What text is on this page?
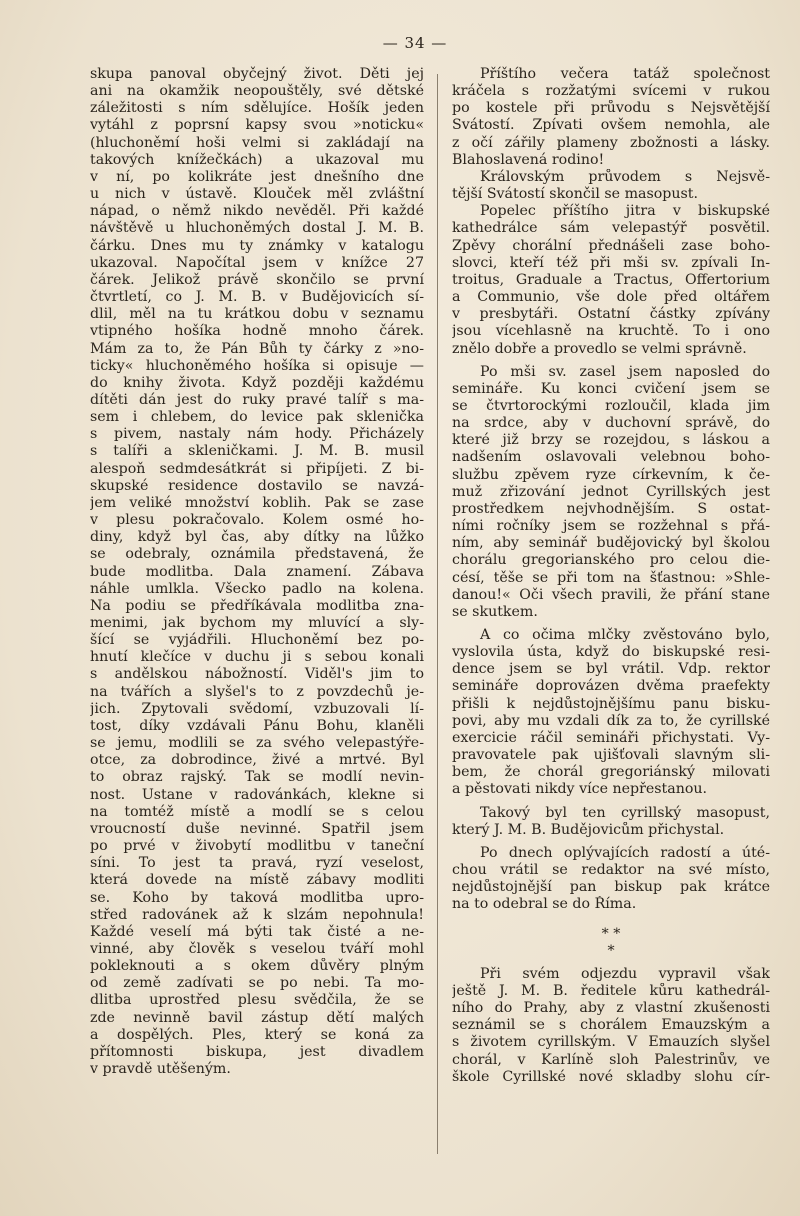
— 34 —
skupa panoval obyčejný život. Děti jej
ani na okamžik neopouštěly, své dětské
záležitosti s ním sdělujíce. Hošík jeden
vytáhl z poprsní kapsy svou »noticku«
(hluchoněmí hoši velmi si zakládají na
takových knížečkách) a ukazoval mu
v ní, po kolikráte jest dnešního dne
u nich v ústavě. Klouček měl zvláštní
nápad, o němž nikdo nevěděl. Při každé
návštěvě u hluchoněmých dostal J. M. B.
čárku. Dnes mu ty známky v katalogu
ukazoval. Napočítal jsem v knížce 27
čárek. Jelikož právě skončilo se první
čtvrtletí, co J. M. B. v Budějovicích sí-
dlil, měl na tu krátkou dobu v seznamu
vtipného hošíka hodně mnoho čárek.
Mám za to, že Pán Bůh ty čárky z »no-
ticky« hluchoněmého hošíka si opisuje —
do knihy života. Když později každému
dítěti dán jest do ruky pravé talíř s ma-
sem i chlebem, do levice pak sklenička
s pivem, nastaly nám hody. Přicházely
s talíři a skleničkami. J. M. B. musil
alespoň sedmdesátkrát si připíjeti. Z bi-
skupské residence dostavilo se navzá-
jem veliké množství koblih. Pak se zase
v plesu pokračovalo. Kolem osmé ho-
diny, když byl čas, aby dítky na lůžko
se odebraly, oznámila představená, že
bude modlitba. Dala znamení. Zábava
náhle umlkla. Všecko padlo na kolena.
Na podiu se předříkávala modlitba zna-
menimi, jak bychom my mluvící a sly-
šící se vyjádřili. Hluchoněmí bez po-
hnutí klečíce v duchu ji s sebou konali
s andělskou nábožností. Viděl's jim to
na tvářích a slyšel's to z povzdechů je-
jich. Zpytovali svědomí, vzbuzovali lí-
tost, díky vzdávali Pánu Bohu, klaněli
se jemu, modlili se za svého velepastýře-
otce, za dobrodince, živé a mrtvé. Byl
to obraz rajský. Tak se modlí nevin-
nost. Ustane v radovánkách, klekne si
na tomtéž místě a modlí se s celou
vroucností duše nevinné. Spatřil jsem
po prvé v živobytí modlitbu v taneční
síni. To jest ta pravá, ryzí veselost,
která dovede na místě zábavy modliti
se. Koho by taková modlitba upro-
střed radovánek až k slzám nepohnula!
Každé veselí má býti tak čisté a ne-
vinné, aby člověk s veselou tváří mohl
pokleknouti a s okem důvěry plným
od země zadívati se po nebi. Ta mo-
dlitba uprostřed plesu svědčila, že se
zde nevinně bavil zástup dětí malých
a dospělých. Ples, který se koná za
přítomnosti biskupa, jest divadlem
v pravdě utěšeným.
Příštího večera tatáž společnost
kráčela s rozžatými svícemi v rukou
po kostele při průvodu s Nejsvětější
Svátostí. Zpívati ovšem nemohla, ale
z očí zářily plameny zbožnosti a lásky.
Blahoslavená rodino!
Královským průvodem s Nejsvě-
tější Svátostí skončil se masopust.
Popelec příštího jitra v biskupské
kathedrálce sám velepastýř posvětil.
Zpěvy chorální přednášeli zase boho-
slovci, kteří též při mši sv. zpívali In-
troitus, Graduale a Tractus, Offertorium
a Communio, vše dole před oltářem
v presbytáři. Ostatní částky zpívány
jsou vícehlasně na kruchtě. To i ono
znělo dobře a provedlo se velmi správně.
Po mši sv. zasel jsem naposled do
semináře. Ku konci cvičení jsem se
se čtvrtorockými rozloučil, klada jim
na srdce, aby v duchovní správě, do
které již brzy se rozejdou, s láskou a
nadšením oslavovali velebnou boho-
službu zpěvem ryze církevním, k če-
muž zřizování jednot Cyrillských jest
prostředkem nejvhodnějším. S ostat-
ními ročníky jsem se rozžehnal s přá-
ním, aby seminář budějovický byl školou
chorálu gregorianského pro celou die-
césí, těše se při tom na šťastnou: »Shle-
danou!« Oči všech pravili, že přání stane
se skutkem.
A co očima mlčky zvěstováno bylo,
vyslovila ústa, když do biskupské resi-
dence jsem se byl vrátil. Vdp. rektor
semináře doprovázen dvěma praefekty
přišli k nejdůstojnějšímu panu bisku-
povi, aby mu vzdali dík za to, že cyrillské
exercicie ráčil semináři přichystati. Vy-
pravovatele pak ujišťovali slavným sli-
bem, že chorál gregoriánský milovati
a pěstovati nikdy více nepřestanou.
Takový byl ten cyrillský masopust,
který J. M. B. Budějovicům přichystal.
Po dnech oplývajících radostí a úté-
chou vrátil se redaktor na své místo,
nejdůstojnější pan biskup pak krátce
na to odebral se do Říma.
* *
*
Při svém odjezdu vypravil však
ještě J. M. B. ředitele kůru kathedrál-
ního do Prahy, aby z vlastní zkušenosti
seznámil se s chorálem Emauzským a
s životem cyrillským. V Emauzích slyšel
chorál, v Karlíně sloh Palestrinův, ve
škole Cyrillské nové skladby slohu cír-
